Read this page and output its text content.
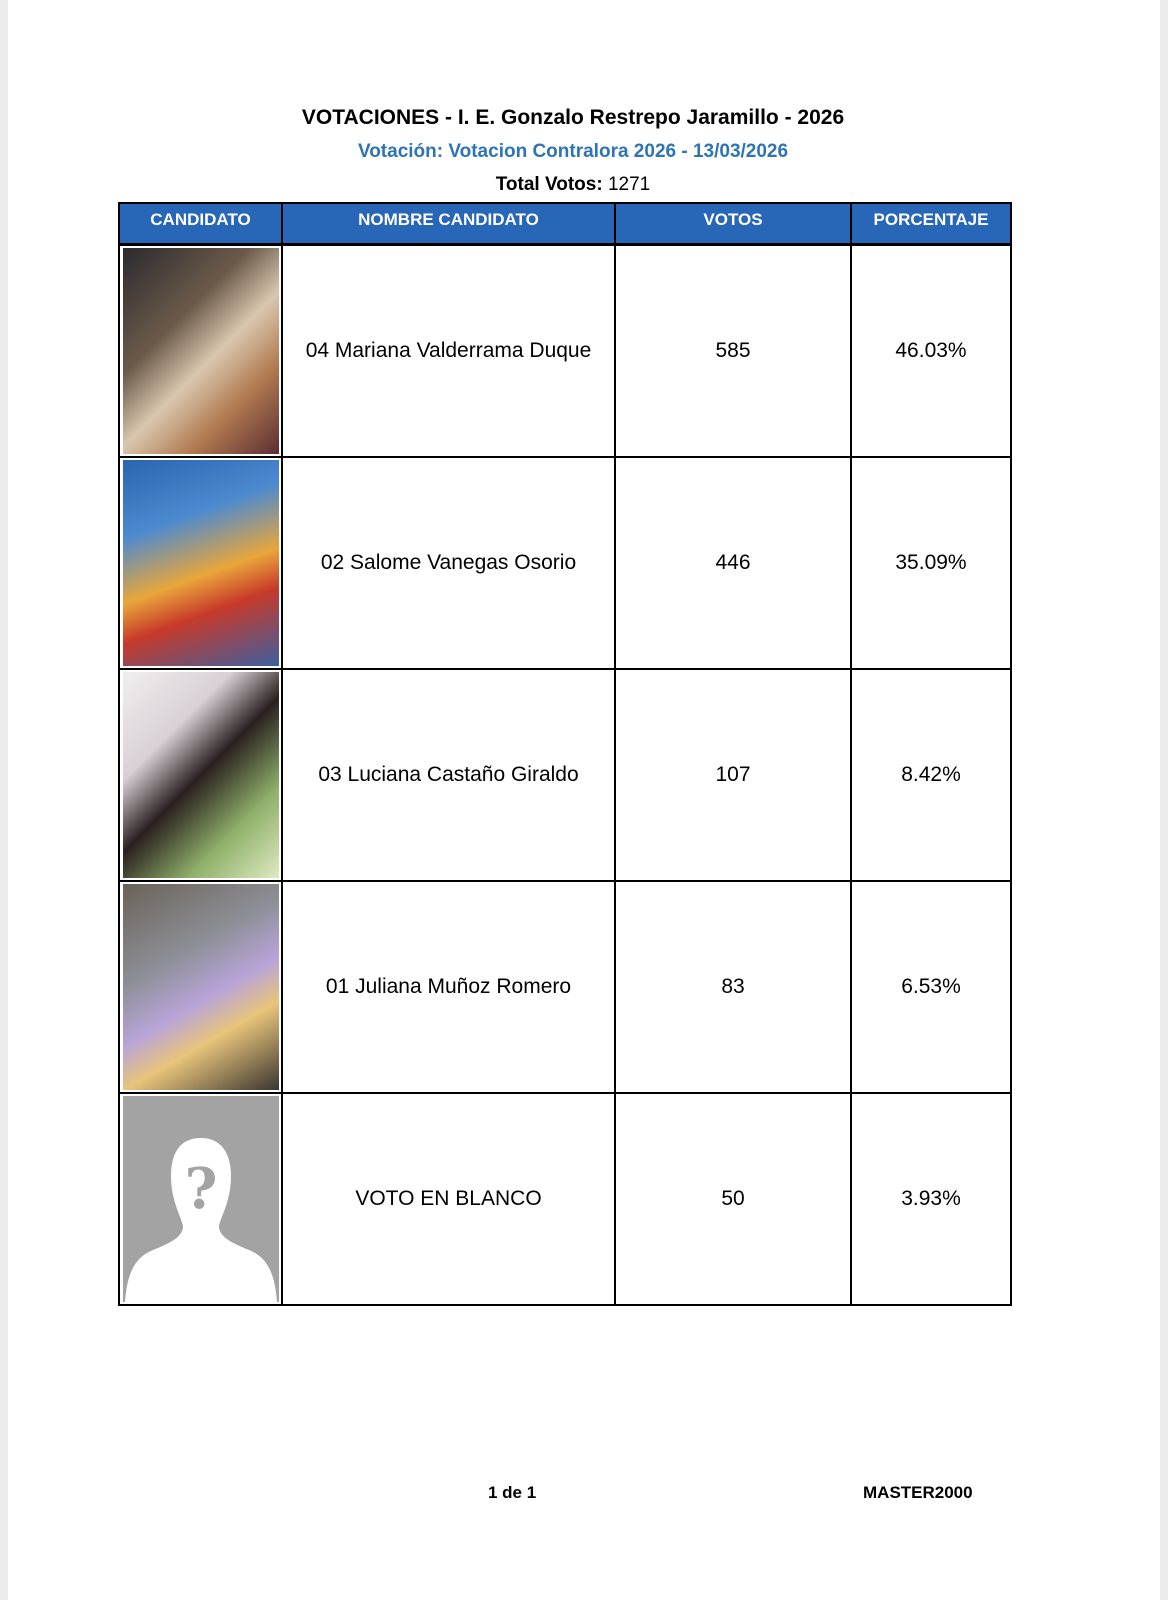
VOTACIONES - I. E. Gonzalo Restrepo Jaramillo - 2026
Votación: Votacion Contralora 2026 - 13/03/2026
Total Votos: 1271
CANDIDATO	NOMBRE CANDIDATO	VOTOS	PORCENTAJE

	04 Mariana Valderrama Duque	585	46.03%

	02 Salome Vanegas Osorio	446	35.09%

	03 Luciana Castaño Giraldo	107	8.42%

	01 Juliana Muñoz Romero	83	6.53%

?	VOTO EN BLANCO	50	3.93%
1 de 1	MASTER2000
